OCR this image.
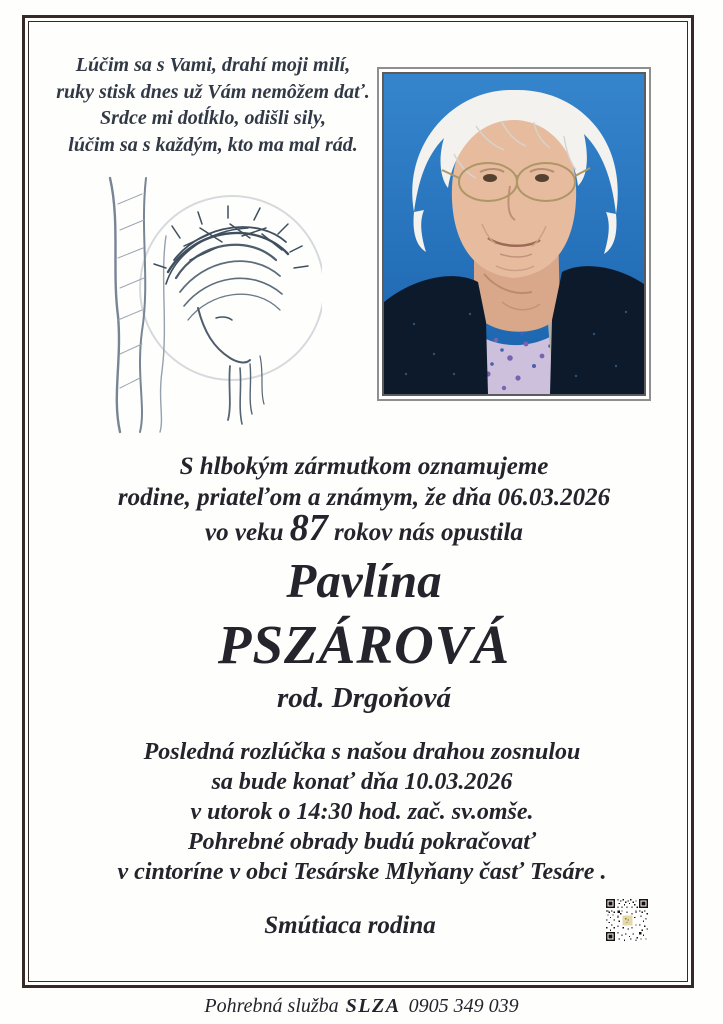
Lúčim sa s Vami, drahí moji milí,
ruky stisk dnes už Vám nemôžem dať.
Srdce mi dotĺklo, odišli sily,
lúčim sa s každým, kto ma mal rád.
S hlbokým zármutkom oznamujeme
rodine, priateľom a známym, že dňa 06.03.2026
vo veku 87 rokov nás opustila
Pavlína
PSZÁROVÁ
rod. Drgoňová
Posledná rozlúčka s našou drahou zosnulou
sa bude konať dňa 10.03.2026
v utorok o 14:30 hod. zač. sv.omše.
Pohrebné obrady budú pokračovať
v cintoríne v obci Tesárske Mlyňany časť Tesáre .
Smútiaca rodina
Pohrebná služba SLZA 0905 349 039
